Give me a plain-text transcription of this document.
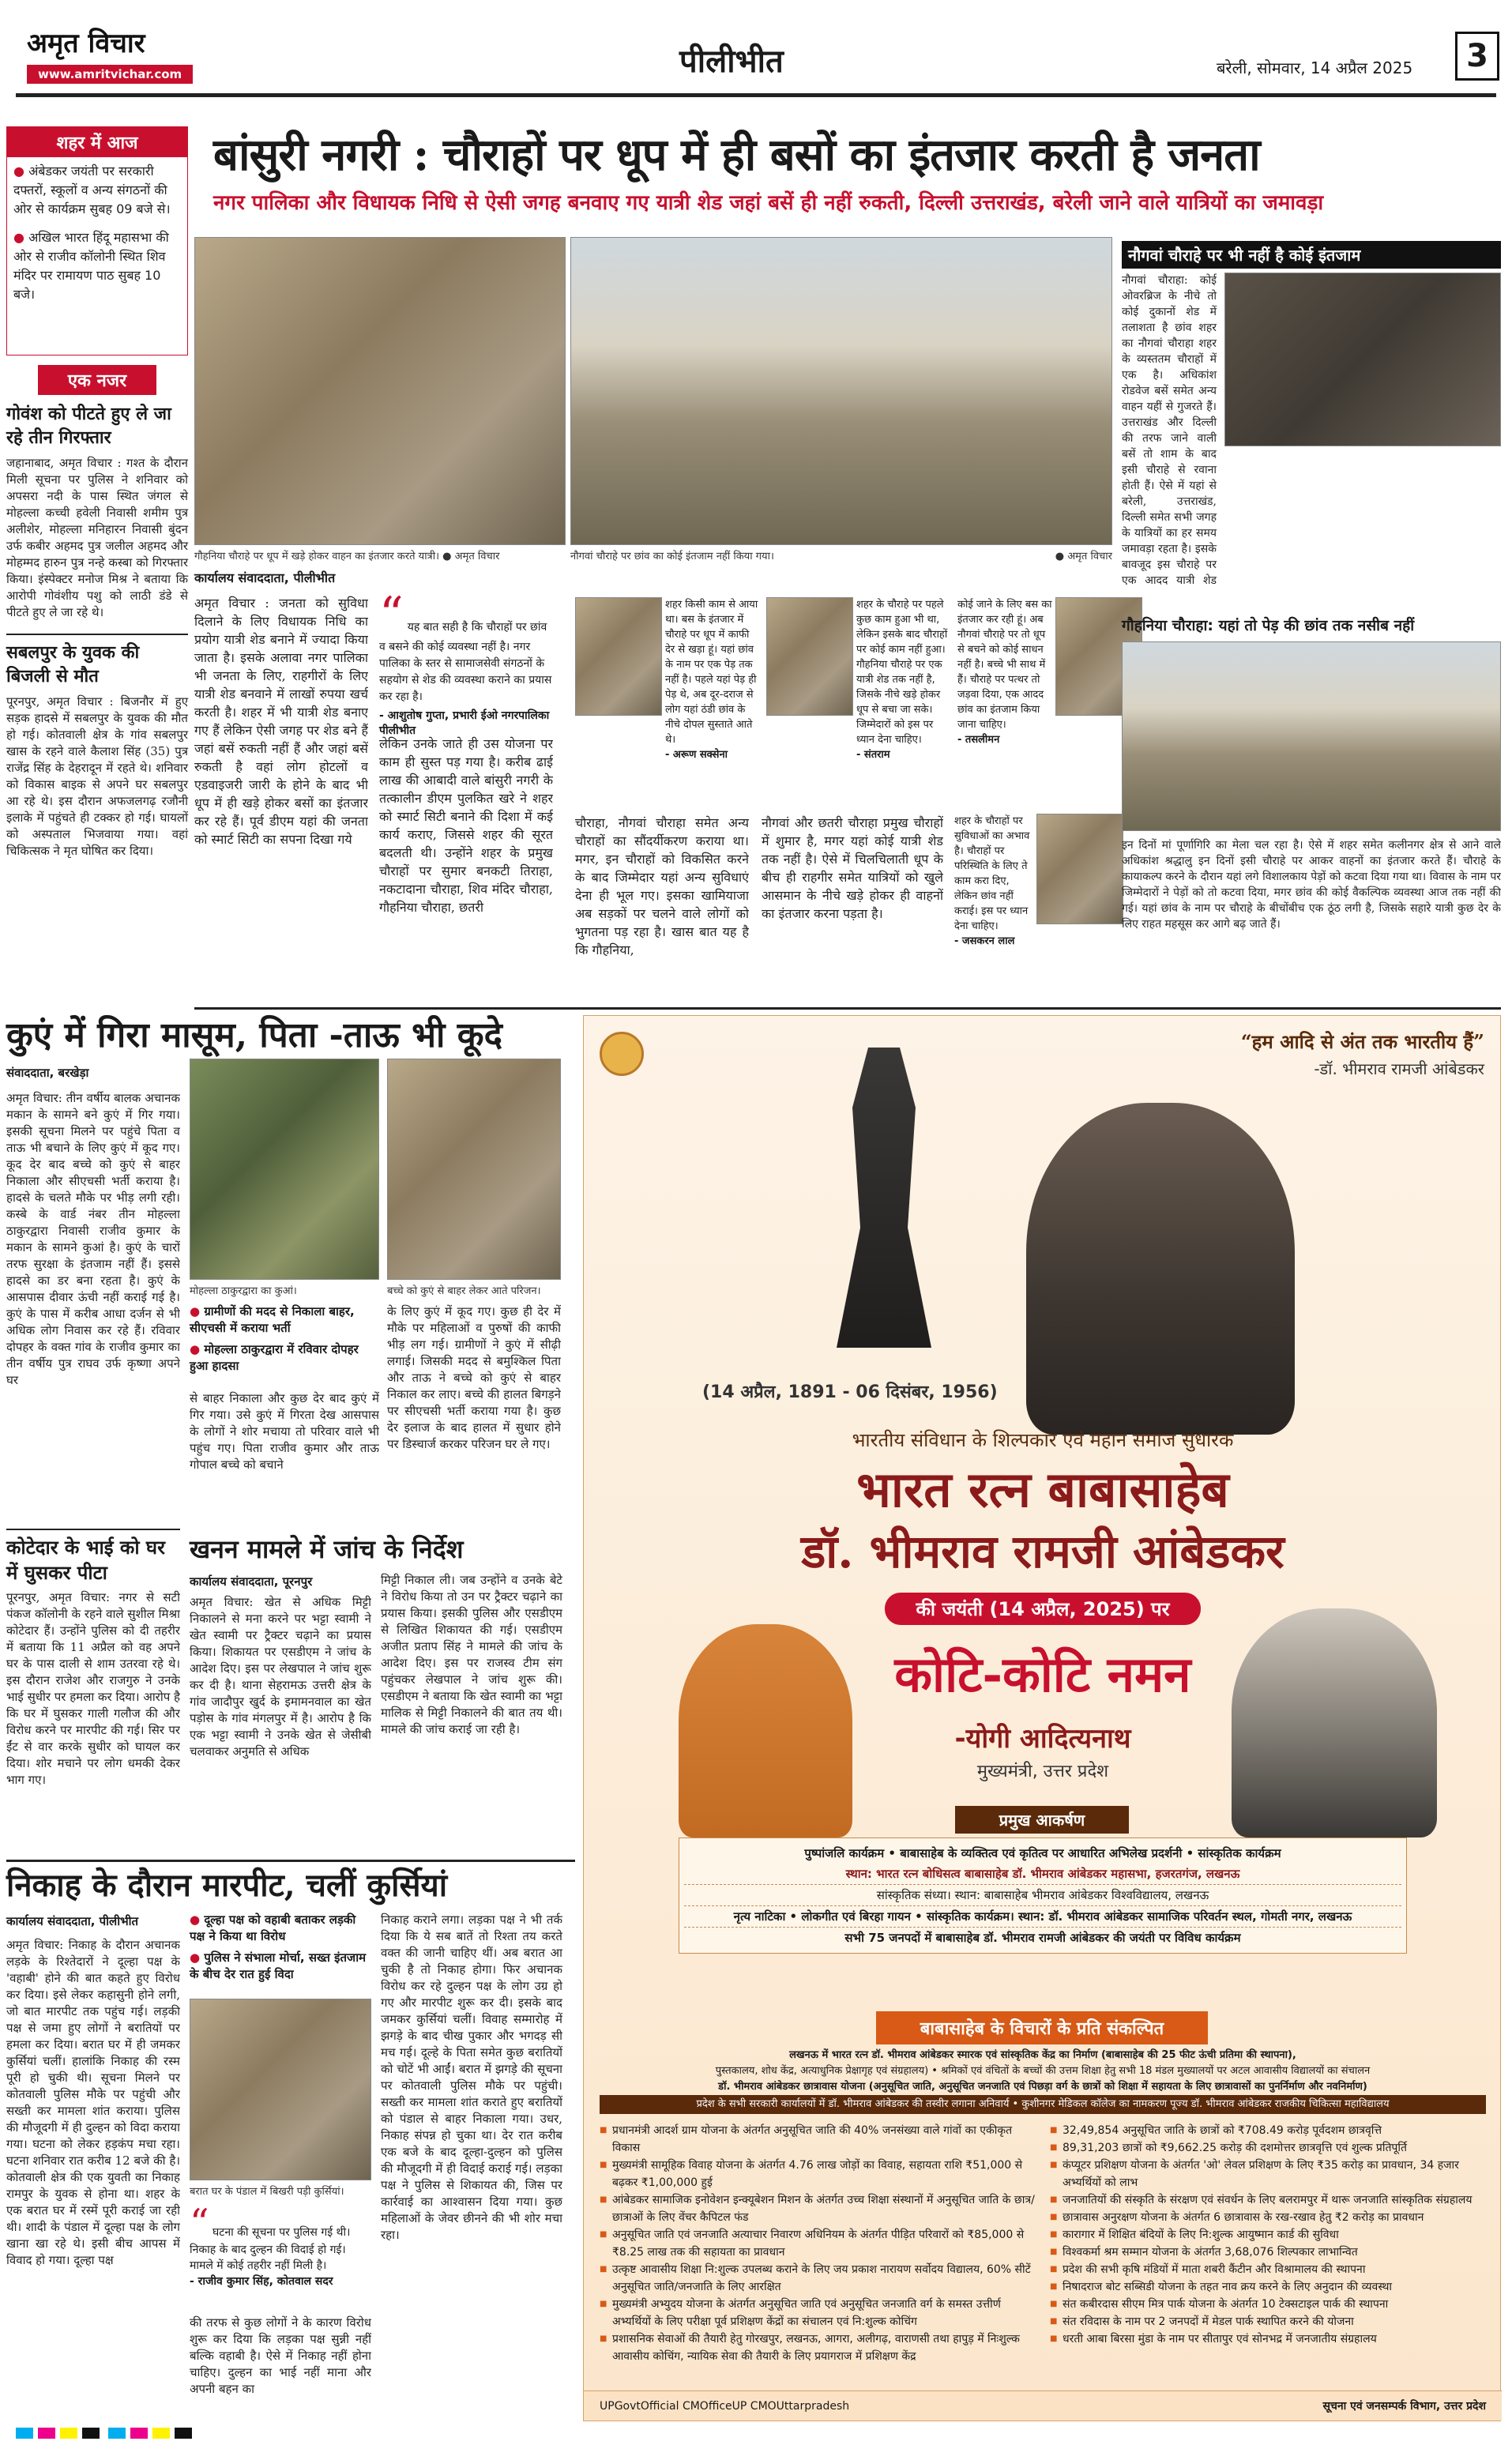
अमृत विचार
www.amritvichar.com	पीलीभीत	बरेली, सोमवार, 14 अप्रैल 2025	3
शहर में आज
● अंबेडकर जयंती पर सरकारी दफ्तरों, स्कूलों व अन्य संगठनों की ओर से कार्यक्रम सुबह 09 बजे से।
● अखिल भारत हिंदू महासभा की ओर से राजीव कॉलोनी स्थित शिव मंदिर पर रामायण पाठ सुबह 10 बजे।
एक नजर
गोवंश को पीटते हुए ले जा रहे तीन गिरफ्तार
जहानाबाद, अमृत विचार : गश्त के दौरान मिली सूचना पर पुलिस ने शनिवार को अपसरा नदी के पास स्थित जंगल से मोहल्ला कच्ची हवेली निवासी शमीम पुत्र अलीशेर, मोहल्ला मनिहारन निवासी बुंदन उर्फ कबीर अहमद पुत्र जलील अहमद और मोहम्मद हारुन पुत्र नन्हे कस्बा को गिरफ्तार किया। इंस्पेक्टर मनोज मिश्र ने बताया कि आरोपी गोवंशीय पशु को लाठी डंडे से पीटते हुए ले जा रहे थे।
सबलपुर के युवक की बिजली से मौत
पूरनपुर, अमृत विचार : बिजनौर में हुए सड़क हादसे में सबलपुर के युवक की मौत हो गई। कोतवाली क्षेत्र के गांव सबलपुर खास के रहने वाले कैलाश सिंह (35) पुत्र राजेंद्र सिंह के देहरादून में रहते थे। शनिवार को विकास बाइक से अपने घर सबलपुर आ रहे थे। इस दौरान अफजलगढ़ रजौनी इलाके में पहुंचते ही टक्कर हो गई। घायलों को अस्पताल भिजवाया गया। वहां चिकित्सक ने मृत घोषित कर दिया।
बांसुरी नगरी : चौराहों पर धूप में ही बसों का इंतजार करती है जनता
नगर पालिका और विधायक निधि से ऐसी जगह बनवाए गए यात्री शेड जहां बसें ही नहीं रुकती, दिल्ली उत्तराखंड, बरेली जाने वाले यात्रियों का जमावड़ा
गौहनिया चौराहे पर धूप में खड़े होकर वाहन का इंतजार करते यात्री। ● अमृत विचार	नौगवां चौराहे पर छांव का कोई इंतजाम नहीं किया गया।	● अमृत विचार
कार्यालय संवाददाता, पीलीभीत
अमृत विचार : जनता को सुविधा दिलाने के लिए विधायक निधि का प्रयोग यात्री शेड बनाने में ज्यादा किया जाता है। इसके अलावा नगर पालिका भी जनता के लिए, राहगीरों के लिए यात्री शेड बनवाने में लाखों रुपया खर्च करती है। शहर में भी यात्री शेड बनाए गए हैं लेकिन ऐसी जगह पर शेड बने हैं जहां बसें रुकती नहीं हैं और जहां बसें रुकती है वहां लोग होटलों व एडवाइजरी जारी के होने के बाद भी धूप में ही खड़े होकर बसों का इंतजार कर रहे हैं। पूर्व डीएम यहां की जनता को स्मार्ट सिटी का सपना दिखा गये
“ यह बात सही है कि चौराहों पर छांव व बसने की कोई व्यवस्था नहीं है। नगर पालिका के स्तर से सामाजसेवी संगठनों के सहयोग से शेड की व्यवस्था कराने का प्रयास कर रहा है।
- आशुतोष गुप्ता, प्रभारी ईओ नगरपालिका पीलीभीत
लेकिन उनके जाते ही उस योजना पर काम ही सुस्त पड़ गया है। करीब ढाई लाख की आबादी वाले बांसुरी नगरी के तत्कालीन डीएम पुलकित खरे ने शहर को स्मार्ट सिटी बनाने की दिशा में कई कार्य कराए, जिससे शहर की सूरत बदलती थी। उन्होंने शहर के प्रमुख चौराहों पर सुमार बनकटी तिराहा, नकटादाना चौराहा, शिव मंदिर चौराहा, गौहनिया चौराहा, छतरी
शहर किसी काम से आया था। बस के इंतजार में चौराहे पर धूप में काफी देर से खड़ा हूं। यहां छांव के नाम पर एक पेड़ तक नहीं है। पहले यहां पेड़ ही पेड़ थे, अब दूर-दराज से लोग यहां ठंडी छांव के नीचे दोपल सुस्ताते आते थे।
- अरूण सक्सेना
शहर के चौराहे पर पहले कुछ काम हुआ भी था, लेकिन इसके बाद चौराहों पर कोई काम नहीं हुआ। गौहनिया चौराहे पर एक यात्री शेड तक नहीं है, जिसके नीचे खड़े होकर धूप से बचा जा सके। जिम्मेदारों को इस पर ध्यान देना चाहिए।
- संतराम
कोई जाने के लिए बस का इंतजार कर रही हूं। अब नौगवां चौराहे पर तो धूप से बचने को कोई साधन नहीं है। बच्चे भी साथ में हैं। चौराहे पर पत्थर तो जड़वा दिया, एक आदद छांव का इंतजाम किया जाना चाहिए।
- तसलीमन
चौराहा, नौगवां चौराहा समेत अन्य चौराहों का सौंदर्यीकरण कराया था। मगर, इन चौराहों को विकसित करने के बाद जिम्मेदार यहां अन्य सुविधाएं देना ही भूल गए। इसका खामियाजा अब सड़कों पर चलने वाले लोगों को भुगतना पड़ रहा है। खास बात यह है कि गौहनिया,
नौगवां और छतरी चौराहा प्रमुख चौराहों में शुमार है, मगर यहां कोई यात्री शेड तक नहीं है। ऐसे में चिलचिलाती धूप के बीच ही राहगीर समेत यात्रियों को खुले आसमान के नीचे खड़े होकर ही वाहनों का इंतजार करना पड़ता है।
शहर के चौराहों पर सुविधाओं का अभाव है। चौराहों पर परिस्थिति के लिए ते काम करा दिए, लेकिन छांव नहीं कराई। इस पर ध्यान देना चाहिए।
- जसकरन लाल
नौगवां चौराहे पर भी नहीं है कोई इंतजाम
नौगवां चौराहा: कोई ओवरब्रिज के नीचे तो कोई दुकानों शेड में तलाशता है छांव शहर का नौगवां चौराहा शहर के व्यस्ततम चौराहों में एक है। अधिकांश रोडवेज बसें समेत अन्य वाहन यहीं से गुजरते हैं। उत्तराखंड और दिल्ली की तरफ जाने वाली बसें तो शाम के बाद इसी चौराहे से रवाना होती हैं। ऐसे में यहां से बरेली, उत्तराखंड, दिल्ली समेत सभी जगह के यात्रियों का हर समय जमावड़ा रहता है। इसके बावजूद इस चौराहे पर एक आदद यात्री शेड
गौहनिया चौराहा: यहां तो पेड़ की छांव तक नसीब नहीं
इन दिनों मां पूर्णागिरि का मेला चल रहा है। ऐसे में शहर समेत कलीनगर क्षेत्र से आने वाले अधिकांश श्रद्धालु इन दिनों इसी चौराहे पर आकर वाहनों का इंतजार करते हैं। चौराहे के कायाकल्प करने के दौरान यहां लगे विशालकाय पेड़ों को कटवा दिया गया था। विवास के नाम पर जिम्मेदारों ने पेड़ों को तो कटवा दिया, मगर छांव की कोई वैकल्पिक व्यवस्था आज तक नहीं की गई। यहां छांव के नाम पर चौराहे के बीचोंबीच एक ठूंठ लगी है, जिसके सहारे यात्री कुछ देर के लिए राहत महसूस कर आगे बढ़ जाते हैं।
कुएं में गिरा मासूम, पिता -ताऊ भी कूदे
संवाददाता, बरखेड़ा
अमृत विचार: तीन वर्षीय बालक अचानक मकान के सामने बने कुएं में गिर गया। इसकी सूचना मिलने पर पहुंचे पिता व ताऊ भी बचाने के लिए कुएं में कूद गए। कूद देर बाद बच्चे को कुएं से बाहर निकाला और सीएचसी भर्ती कराया है। हादसे के चलते मौके पर भीड़ लगी रही। कस्बे के वार्ड नंबर तीन मोहल्ला ठाकुरद्वारा निवासी राजीव कुमार के मकान के सामने कुआं है। कुएं के चारों तरफ सुरक्षा के इंतजाम नहीं हैं। इससे हादसे का डर बना रहता है। कुएं के आसपास दीवार ऊंची नहीं कराई गई है। कुएं के पास में करीब आधा दर्जन से भी अधिक लोग निवास कर रहे हैं। रविवार दोपहर के वक्त गांव के राजीव कुमार का तीन वर्षीय पुत्र राघव उर्फ कृष्णा अपने घर
मोहल्ला ठाकुरद्वारा का कुआं।	बच्चे को कुएं से बाहर लेकर आते परिजन।
● ग्रामीणों की मदद से निकाला बाहर, सीएचसी में कराया भर्ती
● मोहल्ला ठाकुरद्वारा में रविवार दोपहर हुआ हादसा
से बाहर निकाला और कुछ देर बाद कुएं में गिर गया। उसे कुएं में गिरता देख आसपास के लोगों ने शोर मचाया तो परिवार वाले भी पहुंच गए। पिता राजीव कुमार और ताऊ गोपाल बच्चे को बचाने
के लिए कुएं में कूद गए। कुछ ही देर में मौके पर महिलाओं व पुरुषों की काफी भीड़ लग गई। ग्रामीणों ने कुएं में सीढ़ी लगाई। जिसकी मदद से बमुश्किल पिता और ताऊ ने बच्चे को कुएं से बाहर निकाल कर लाए। बच्चे की हालत बिगड़ने पर सीएचसी भर्ती कराया गया है। कुछ देर इलाज के बाद हालत में सुधार होने पर डिस्चार्ज करकर परिजन घर ले गए।
कोटेदार के भाई को घर में घुसकर पीटा
पूरनपुर, अमृत विचार: नगर से सटी पंकज कॉलोनी के रहने वाले सुशील मिश्रा कोटेदार हैं। उन्होंने पुलिस को दी तहरीर में बताया कि 11 अप्रैल को वह अपने घर के पास दाली से शाम उतरवा रहे थे। इस दौरान राजेश और राजगुरु ने उनके भाई सुधीर पर हमला कर दिया। आरोप है कि घर में घुसकर गाली गलौज की और विरोध करने पर मारपीट की गई। सिर पर ईंट से वार करके सुधीर को घायल कर दिया। शोर मचाने पर लोग धमकी देकर भाग गए।
खनन मामले में जांच के निर्देश
कार्यालय संवाददाता, पूरनपुर
अमृत विचार: खेत से अधिक मिट्टी निकालने से मना करने पर भट्टा स्वामी ने खेत स्वामी पर ट्रैक्टर चढ़ाने का प्रयास किया। शिकायत पर एसडीएम ने जांच के आदेश दिए। इस पर लेखपाल ने जांच शुरू कर दी है। थाना सेहरामऊ उत्तरी क्षेत्र के गांव जादौपुर खुर्द के इमामनवाल का खेत पड़ोस के गांव मंगलपुर में है। आरोप है कि एक भट्टा स्वामी ने उनके खेत से जेसीबी चलवाकर अनुमति से अधिक
मिट्टी निकाल ली। जब उन्होंने व उनके बेटे ने विरोध किया तो उन पर ट्रैक्टर चढ़ाने का प्रयास किया। इसकी पुलिस और एसडीएम से लिखित शिकायत की गई। एसडीएम अजीत प्रताप सिंह ने मामले की जांच के आदेश दिए। इस पर राजस्व टीम संग पहुंचकर लेखपाल ने जांच शुरू की। एसडीएम ने बताया कि खेत स्वामी का भट्टा मालिक से मिट्टी निकालने की बात तय थी। मामले की जांच कराई जा रही है।
निकाह के दौरान मारपीट, चलीं कुर्सियां
कार्यालय संवाददाता, पीलीभीत
अमृत विचार: निकाह के दौरान अचानक लड़के के रिश्तेदारों ने दूल्हा पक्ष के 'वहाबी' होने की बात कहते हुए विरोध कर दिया। इसे लेकर कहासुनी होने लगी, जो बात मारपीट तक पहुंच गई। लड़की पक्ष से जमा हुए लोगों ने बरातियों पर हमला कर दिया। बरात घर में ही जमकर कुर्सियां चलीं। हालांकि निकाह की रस्म पूरी हो चुकी थी। सूचना मिलने पर कोतवाली पुलिस मौके पर पहुंची और सख्ती कर मामला शांत कराया। पुलिस की मौजूदगी में ही दुल्हन को विदा कराया गया। घटना को लेकर हड़कंप मचा रहा। घटना शनिवार रात करीब 12 बजे की है। कोतवाली क्षेत्र की एक युवती का निकाह रामपुर के युवक से होना था। शहर के एक बरात घर में रस्में पूरी कराई जा रही थी। शादी के पंडाल में दूल्हा पक्ष के लोग खाना खा रहे थे। इसी बीच आपस में विवाद हो गया। दूल्हा पक्ष
● दूल्हा पक्ष को वहाबी बताकर लड़की पक्ष ने किया था विरोध
● पुलिस ने संभाला मोर्चा, सख्त इंतजाम के बीच देर रात हुई विदा
बरात घर के पंडाल में बिखरी पड़ी कुर्सियां।
“ घटना की सूचना पर पुलिस गई थी। निकाह के बाद दुल्हन की विदाई हो गई। मामले में कोई तहरीर नहीं मिली है।
- राजीव कुमार सिंह, कोतवाल सदर
की तरफ से कुछ लोगों ने के कारण विरोध शुरू कर दिया कि लड़का पक्ष सुन्नी नहीं बल्कि वहाबी है। ऐसे में निकाह नहीं होना चाहिए। दुल्हन का भाई नहीं माना और अपनी बहन का
निकाह कराने लगा। लड़का पक्ष ने भी तर्क दिया कि ये सब बातें तो रिश्ता तय करते वक्त की जानी चाहिए थीं। अब बरात आ चुकी है तो निकाह होगा। फिर अचानक विरोध कर रहे दुल्हन पक्ष के लोग उग्र हो गए और मारपीट शुरू कर दी। इसके बाद जमकर कुर्सियां चलीं। विवाह सम्मारोह में झगड़े के बाद चीख पुकार और भगदड़ सी मच गई। दूल्हे के पिता समेत कुछ बरातियों को चोटें भी आईं। बरात में झगड़े की सूचना पर कोतवाली पुलिस मौके पर पहुंची। सख्ती कर मामला शांत कराते हुए बरातियों को पंडाल से बाहर निकाला गया। उधर, निकाह संपन्न हो चुका था। देर रात करीब एक बजे के बाद दूल्हा-दुल्हन को पुलिस की मौजूदगी में ही विदाई कराई गई। लड़का पक्ष ने पुलिस से शिकायत की, जिस पर कार्रवाई का आश्वासन दिया गया। कुछ महिलाओं के जेवर छीनने की भी शोर मचा रहा।
“हम आदि से अंत तक भारतीय हैं”
-डॉ. भीमराव रामजी आंबेडकर
(14 अप्रैल, 1891 - 06 दिसंबर, 1956)
भारतीय संविधान के शिल्पकार एवं महान समाज सुधारक
भारत रत्न बाबासाहेब
डॉ. भीमराव रामजी आंबेडकर
की जयंती (14 अप्रैल, 2025) पर
कोटि-कोटि नमन
-योगी आदित्यनाथ
मुख्यमंत्री, उत्तर प्रदेश
प्रमुख आकर्षण
पुष्पांजलि कार्यक्रम • बाबासाहेब के व्यक्तित्व एवं कृतित्व पर आधारित अभिलेख प्रदर्शनी • सांस्कृतिक कार्यक्रम
स्थान: भारत रत्न बोधिसत्व बाबासाहेब डॉ. भीमराव आंबेडकर महासभा, हजरतगंज, लखनऊ
सांस्कृतिक संध्या। स्थान: बाबासाहेब भीमराव आंबेडकर विश्वविद्यालय, लखनऊ
नृत्य नाटिका • लोकगीत एवं बिरहा गायन • सांस्कृतिक कार्यक्रम। स्थान: डॉ. भीमराव आंबेडकर सामाजिक परिवर्तन स्थल, गोमती नगर, लखनऊ
सभी 75 जनपदों में बाबासाहेब डॉ. भीमराव रामजी आंबेडकर की जयंती पर विविध कार्यक्रम
बाबासाहेब के विचारों के प्रति संकल्पित
लखनऊ में भारत रत्न डॉ. भीमराव आंबेडकर स्मारक एवं सांस्कृतिक केंद्र का निर्माण (बाबासाहेब की 25 फीट ऊंची प्रतिमा की स्थापना),
पुस्तकालय, शोध केंद्र, अत्याधुनिक प्रेक्षागृह एवं संग्रहालय) • श्रमिकों एवं वंचितों के बच्चों की उत्तम शिक्षा हेतु सभी 18 मंडल मुख्यालयों पर अटल आवासीय विद्यालयों का संचालन
डॉ. भीमराव आंबेडकर छात्रावास योजना (अनुसूचित जाति, अनुसूचित जनजाति एवं पिछड़ा वर्ग के छात्रों को शिक्षा में सहायता के लिए छात्रावासों का पुनर्निर्माण और नवनिर्माण)
प्रदेश के सभी सरकारी कार्यालयों में डॉ. भीमराव आंबेडकर की तस्वीर लगाना अनिवार्य • कुशीनगर मेडिकल कॉलेज का नामकरण पूज्य डॉ. भीमराव आंबेडकर राजकीय चिकित्सा महाविद्यालय
■ प्रधानमंत्री आदर्श ग्राम योजना के अंतर्गत अनुसूचित जाति की 40% जनसंख्या वाले गांवों का एकीकृत विकास
■ मुख्यमंत्री सामूहिक विवाह योजना के अंतर्गत 4.76 लाख जोड़ों का विवाह, सहायता राशि ₹51,000 से बढ़कर ₹1,00,000 हुई
■ आंबेडकर सामाजिक इनोवेशन इन्क्यूबेशन मिशन के अंतर्गत उच्च शिक्षा संस्थानों में अनुसूचित जाति के छात्र/छात्राओं के लिए वेंचर कैपिटल फंड
■ अनुसूचित जाति एवं जनजाति अत्याचार निवारण अधिनियम के अंतर्गत पीड़ित परिवारों को ₹85,000 से ₹8.25 लाख तक की सहायता का प्रावधान
■ उत्कृष्ट आवासीय शिक्षा नि:शुल्क उपलब्ध कराने के लिए जय प्रकाश नारायण सर्वोदय विद्यालय, 60% सीटें अनुसूचित जाति/जनजाति के लिए आरक्षित
■ मुख्यमंत्री अभ्युदय योजना के अंतर्गत अनुसूचित जाति एवं अनुसूचित जनजाति वर्ग के समस्त उत्तीर्ण अभ्यर्थियों के लिए परीक्षा पूर्व प्रशिक्षण केंद्रों का संचालन एवं नि:शुल्क कोचिंग
■ प्रशासनिक सेवाओं की तैयारी हेतु गोरखपुर, लखनऊ, आगरा, अलीगढ़, वाराणसी तथा हापुड़ में निःशुल्क आवासीय कोचिंग, न्यायिक सेवा की तैयारी के लिए प्रयागराज में प्रशिक्षण केंद्र
■ 32,49,854 अनुसूचित जाति के छात्रों को ₹708.49 करोड़ पूर्वदशम छात्रवृत्ति
■ 89,31,203 छात्रों को ₹9,662.25 करोड़ की दशमोत्तर छात्रवृत्ति एवं शुल्क प्रतिपूर्ति
■ कंप्यूटर प्रशिक्षण योजना के अंतर्गत 'ओ' लेवल प्रशिक्षण के लिए ₹35 करोड़ का प्रावधान, 34 हजार अभ्यर्थियों को लाभ
■ जनजातियों की संस्कृति के संरक्षण एवं संवर्धन के लिए बलरामपुर में थारू जनजाति सांस्कृतिक संग्रहालय
■ छात्रावास अनुरक्षण योजना के अंतर्गत 6 छात्रावास के रख-रखाव हेतु ₹2 करोड़ का प्रावधान
■ कारागार में शिक्षित बंदियों के लिए नि:शुल्क आयुष्मान कार्ड की सुविधा
■ विश्वकर्मा श्रम सम्मान योजना के अंतर्गत 3,68,076 शिल्पकार लाभान्वित
■ प्रदेश की सभी कृषि मंडियों में माता शबरी कैंटीन और विश्रामालय की स्थापना
■ निषादराज बोट सब्सिडी योजना के तहत नाव क्रय करने के लिए अनुदान की व्यवस्था
■ संत कबीरदास सीएम मित्र पार्क योजना के अंतर्गत 10 टेक्सटाइल पार्क की स्थापना
■ संत रविदास के नाम पर 2 जनपदों में मेडल पार्क स्थापित करने की योजना
■ धरती आबा बिरसा मुंडा के नाम पर सीतापुर एवं सोनभद्र में जनजातीय संग्रहालय
UPGovtOfficial CMOfficeUP CMOUttarpradesh	सूचना एवं जनसम्पर्क विभाग, उत्तर प्रदेश
